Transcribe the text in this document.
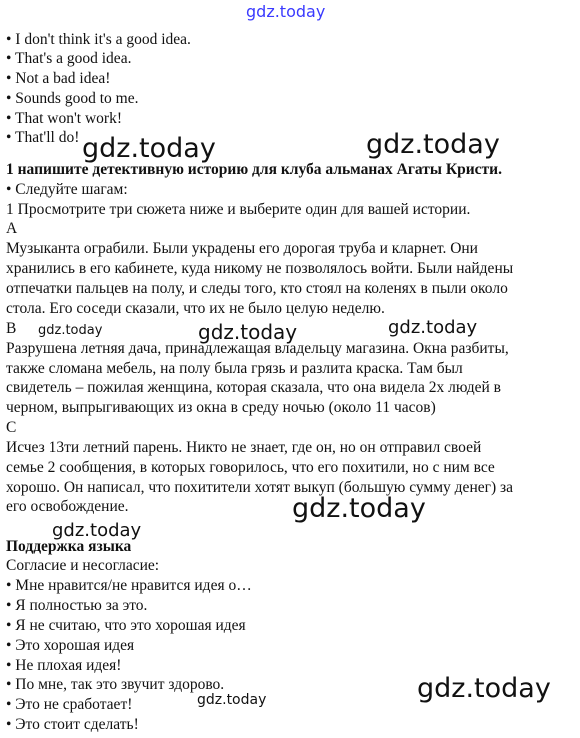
gdz.today
gdz.today	gdz.today
gdz.today	gdz.today	gdz.today
gdz.today
gdz.today
gdz.today
gdz.today
• I don't think it's a good idea.
• That's a good idea.
• Not a bad idea!
• Sounds good to me.
• That won't work!
• That'll do!
1 напишите детективную историю для клуба альманах Агаты Кристи.
• Следуйте шагам:
1 Просмотрите три сюжета ниже и выберите один для вашей истории.
A
Музыканта ограбили. Были украдены его дорогая труба и кларнет. Они
хранились в его кабинете, куда никому не позволялось войти. Были найдены
отпечатки пальцев на полу, и следы того, кто стоял на коленях в пыли около
стола. Его соседи сказали, что их не было целую неделю.
B
Разрушена летняя дача, принадлежащая владельцу магазина. Окна разбиты,
также сломана мебель, на полу была грязь и разлита краска. Там был
свидетель – пожилая женщина, которая сказала, что она видела 2х людей в
черном, выпрыгивающих из окна в среду ночью (около 11 часов)
C
Исчез 13ти летний парень. Никто не знает, где он, но он отправил своей
семье 2 сообщения, в которых говорилось, что его похитили, но с ним все
хорошо. Он написал, что похитители хотят выкуп (большую сумму денег) за
его освобождение.
Поддержка языка
Согласие и несогласие:
• Мне нравится/не нравится идея о…
• Я полностью за это.
• Я не считаю, что это хорошая идея
• Это хорошая идея
• Не плохая идея!
• По мне, так это звучит здорово.
• Это не сработает!
• Это стоит сделать!
